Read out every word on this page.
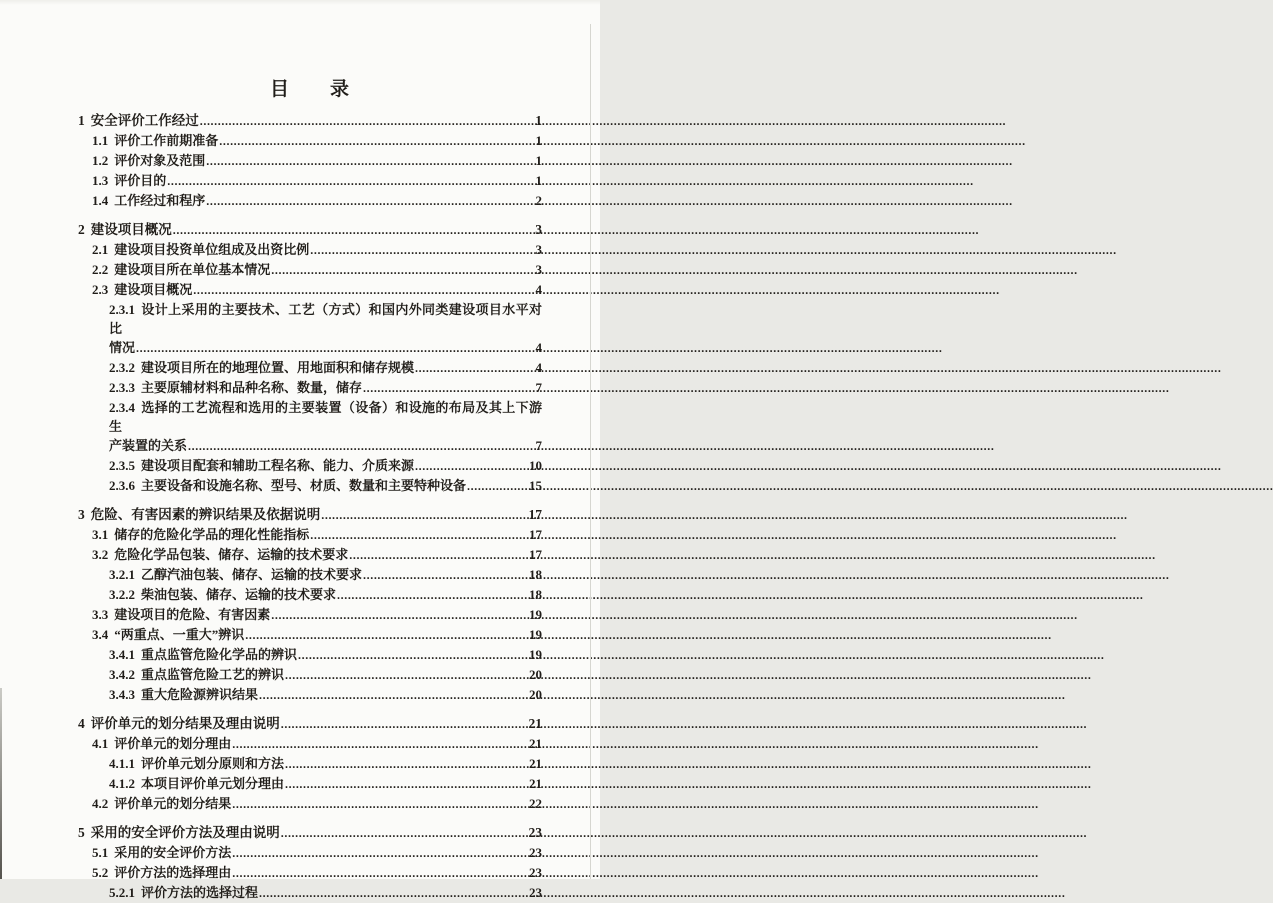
目　　录
1 安全评价工作经过 .....	1
1.1 评价工作前期准备 .....	1
1.2 评价对象及范围 .....	1
1.3 评价目的 .....	1
1.4 工作经过和程序 .....	2
2 建设项目概况 .....	3
2.1 建设项目投资单位组成及出资比例 .....	3
2.2 建设项目所在单位基本情况 .....	3
2.3 建设项目概况 .....	4
2.3.1 设计上采用的主要技术、工艺（方式）和国内外同类建设项目水平对比
情况 .....	4
2.3.2 建设项目所在的地理位置、用地面积和储存规模 .....	4
2.3.3 主要原辅材料和品种名称、数量，储存 .....	7
2.3.4 选择的工艺流程和选用的主要装置（设备）和设施的布局及其上下游生
产装置的关系 .....	7
2.3.5 建设项目配套和辅助工程名称、能力、介质来源 .....	10
2.3.6 主要设备和设施名称、型号、材质、数量和主要特种设备 .....	15
3 危险、有害因素的辨识结果及依据说明 .....	17
3.1 储存的危险化学品的理化性能指标 .....	17
3.2 危险化学品包装、储存、运输的技术要求 .....	17
3.2.1 乙醇汽油包装、储存、运输的技术要求 .....	18
3.2.2 柴油包装、储存、运输的技术要求 .....	18
3.3 建设项目的危险、有害因素 .....	19
3.4 “两重点、一重大”辨识 .....	19
3.4.1 重点监管危险化学品的辨识 .....	19
3.4.2 重点监管危险工艺的辨识 .....	20
3.4.3 重大危险源辨识结果 .....	20
4 评价单元的划分结果及理由说明 .....	21
4.1 评价单元的划分理由 .....	21
4.1.1 评价单元划分原则和方法 .....	21
4.1.2 本项目评价单元划分理由 .....	21
4.2 评价单元的划分结果 .....	22
5 采用的安全评价方法及理由说明 .....	23
5.1 采用的安全评价方法 .....	23
5.2 评价方法的选择理由 .....	23
5.2.1 评价方法的选择过程 .....	23
